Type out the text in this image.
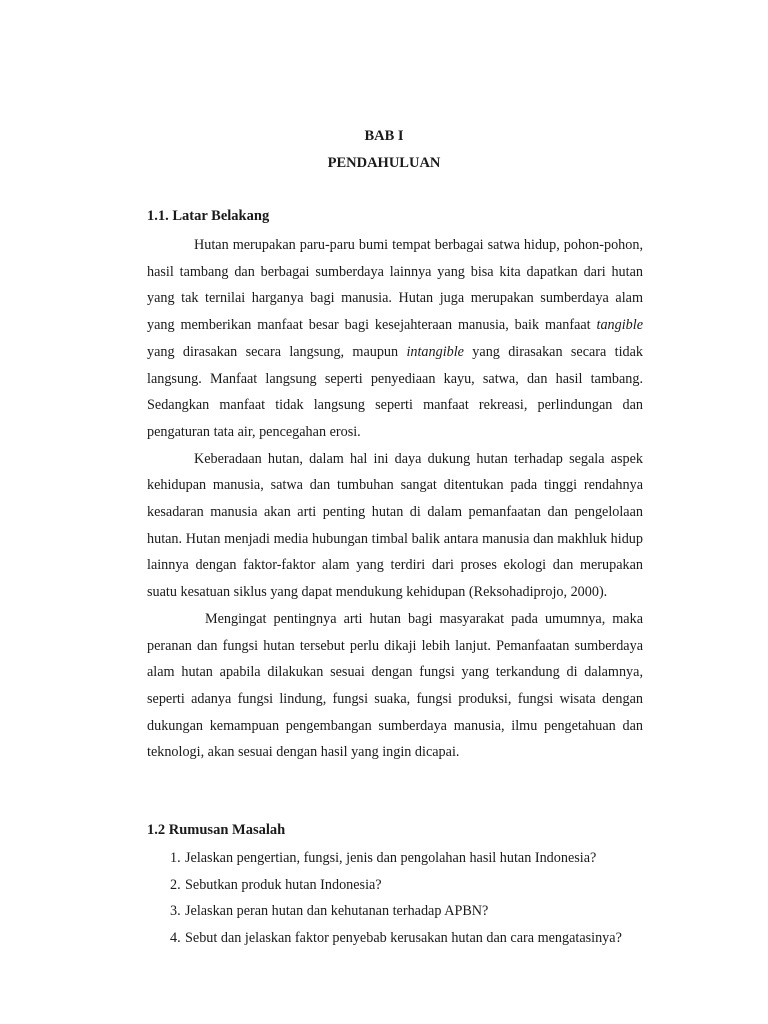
BAB I
PENDAHULUAN
1.1. Latar Belakang

Hutan merupakan paru-paru bumi tempat berbagai satwa hidup, pohon-pohon, hasil tambang dan berbagai sumberdaya lainnya yang bisa kita dapatkan dari hutan yang tak ternilai harganya bagi manusia. Hutan juga merupakan sumberdaya alam yang memberikan manfaat besar bagi kesejahteraan manusia, baik manfaat tangible yang dirasakan secara langsung, maupun intangible yang dirasakan secara tidak langsung. Manfaat langsung seperti penyediaan kayu, satwa, dan hasil tambang. Sedangkan manfaat tidak langsung seperti manfaat rekreasi, perlindungan dan pengaturan tata air, pencegahan erosi.

Keberadaan hutan, dalam hal ini daya dukung hutan terhadap segala aspek kehidupan manusia, satwa dan tumbuhan sangat ditentukan pada tinggi rendahnya kesadaran manusia akan arti penting hutan di dalam pemanfaatan dan pengelolaan hutan. Hutan menjadi media hubungan timbal balik antara manusia dan makhluk hidup lainnya dengan faktor-faktor alam yang terdiri dari proses ekologi dan merupakan suatu kesatuan siklus yang dapat mendukung kehidupan (Reksohadiprojo, 2000).

Mengingat pentingnya arti hutan bagi masyarakat pada umumnya, maka peranan dan fungsi hutan tersebut perlu dikaji lebih lanjut. Pemanfaatan sumberdaya alam hutan apabila dilakukan sesuai dengan fungsi yang terkandung di dalamnya, seperti adanya fungsi lindung, fungsi suaka, fungsi produksi, fungsi wisata dengan dukungan kemampuan pengembangan sumberdaya manusia, ilmu pengetahuan dan teknologi, akan sesuai dengan hasil yang ingin dicapai.

1.2 Rumusan Masalah
1. Jelaskan pengertian, fungsi, jenis dan pengolahan hasil hutan Indonesia?
2. Sebutkan produk hutan Indonesia?
3. Jelaskan peran hutan dan kehutanan terhadap APBN?
4. Sebut dan jelaskan faktor penyebab kerusakan hutan dan cara mengatasinya?
